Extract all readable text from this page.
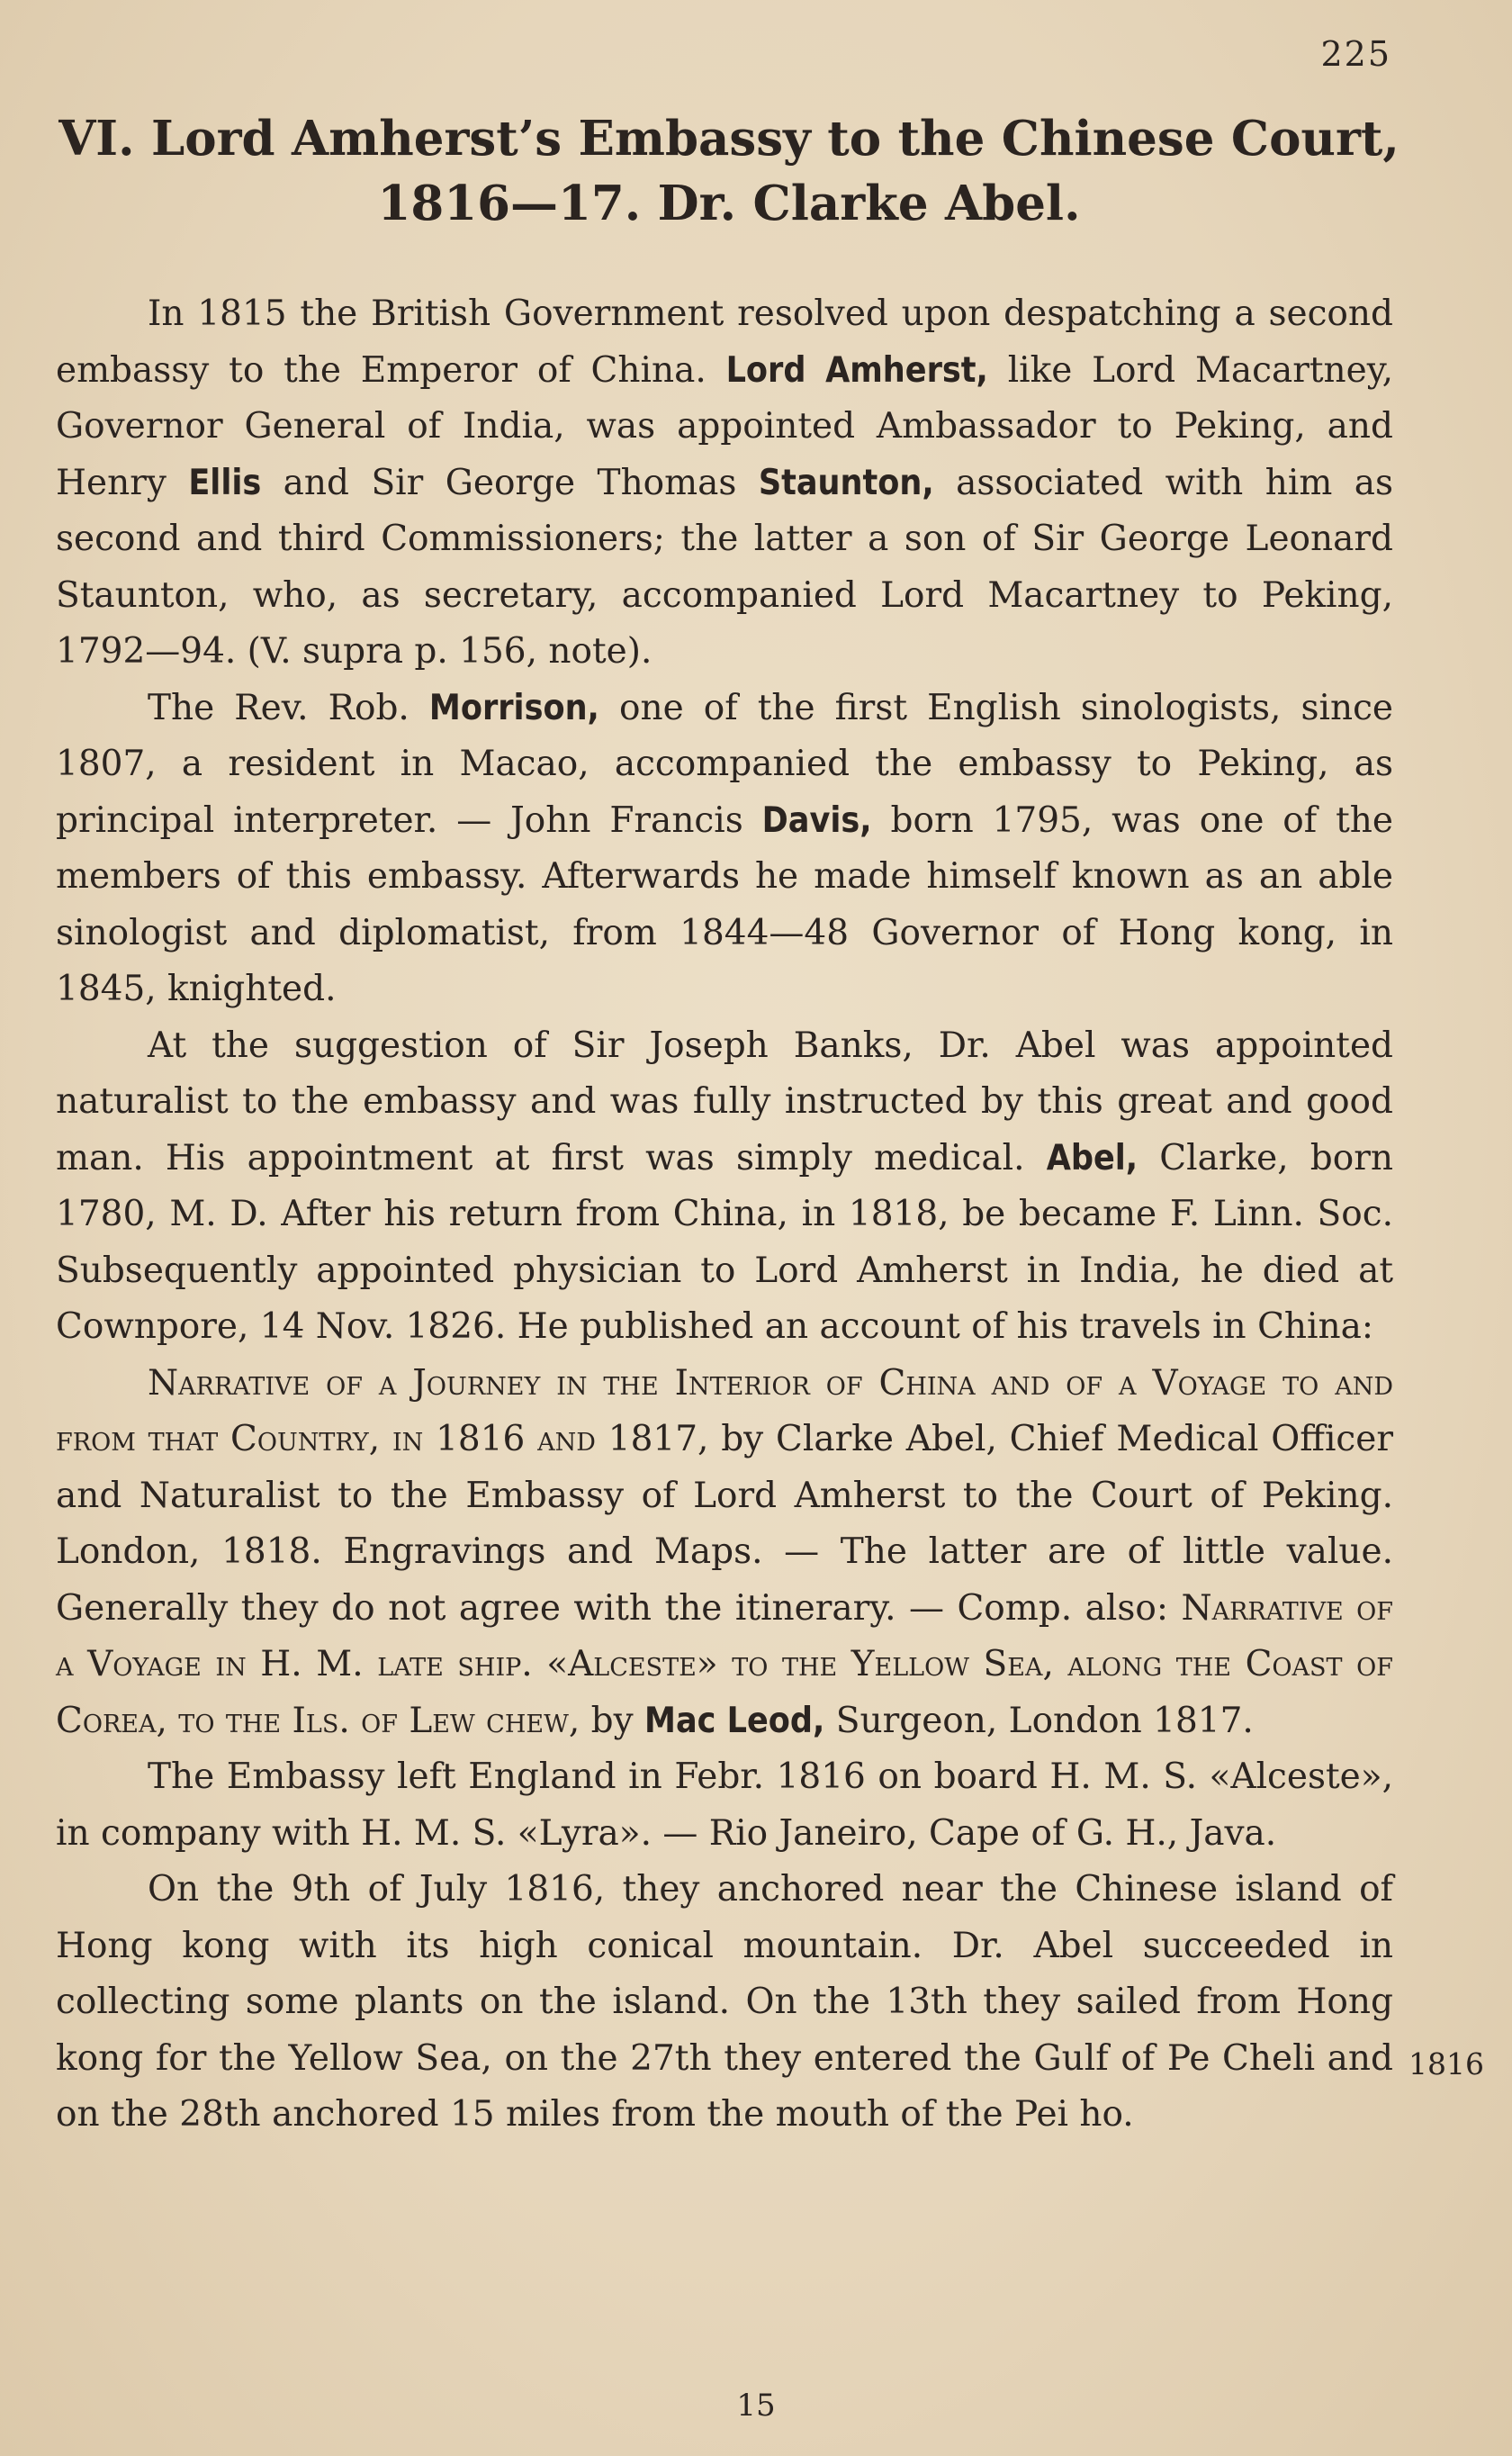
225
VI. Lord Amherst’s Embassy to the Chinese Court,
1816—17. Dr. Clarke Abel.

In 1815 the British Government resolved upon despatching a second embassy to the Emperor of China. Lord Amherst, like Lord Macartney, Governor General of India, was appointed Ambassador to Peking, and Henry Ellis and Sir George Thomas Staunton, associated with him as second and third Commissioners; the latter a son of Sir George Leonard Staunton, who, as secretary, accompanied Lord Macartney to Peking, 1792—94. (V. supra p. 156, note).

The Rev. Rob. Morrison, one of the first English sinologists, since 1807, a resident in Macao, accompanied the embassy to Peking, as principal interpreter. — John Francis Davis, born 1795, was one of the members of this embassy. Afterwards he made himself known as an able sinologist and diplomatist, from 1844—48 Governor of Hong kong, in 1845, knighted.

At the suggestion of Sir Joseph Banks, Dr. Abel was appointed naturalist to the embassy and was fully instructed by this great and good man. His appointment at first was simply medical. Abel, Clarke, born 1780, M. D. After his return from China, in 1818, be became F. Linn. Soc. Subsequently appointed physician to Lord Amherst in India, he died at Cownpore, 14 Nov. 1826. He published an account of his travels in China:

Narrative of a Journey in the Interior of China and of a Voyage to and from that Country, in 1816 and 1817, by Clarke Abel, Chief Medical Officer and Naturalist to the Embassy of Lord Amherst to the Court of Peking. London, 1818. Engravings and Maps. — The latter are of little value. Generally they do not agree with the itinerary. — Comp. also: Narrative of a Voyage in H. M. late ship. «Alceste» to the Yellow Sea, along the Coast of Corea, to the Ils. of Lew chew, by Mac Leod, Surgeon, London 1817.

The Embassy left England in Febr. 1816 on board H. M. S. «Alceste», in company with H. M. S. «Lyra». — Rio Janeiro, Cape of G. H., Java.

On the 9th of July 1816, they anchored near the Chinese island of Hong kong with its high conical mountain. Dr. Abel succeeded in collecting some plants on the island. On the 13th they sailed from Hong kong for the Yellow Sea, on the 27th they entered the Gulf of Pe Cheli and on the 28th anchored 15 miles from the mouth of the Pei ho.

1816
15
